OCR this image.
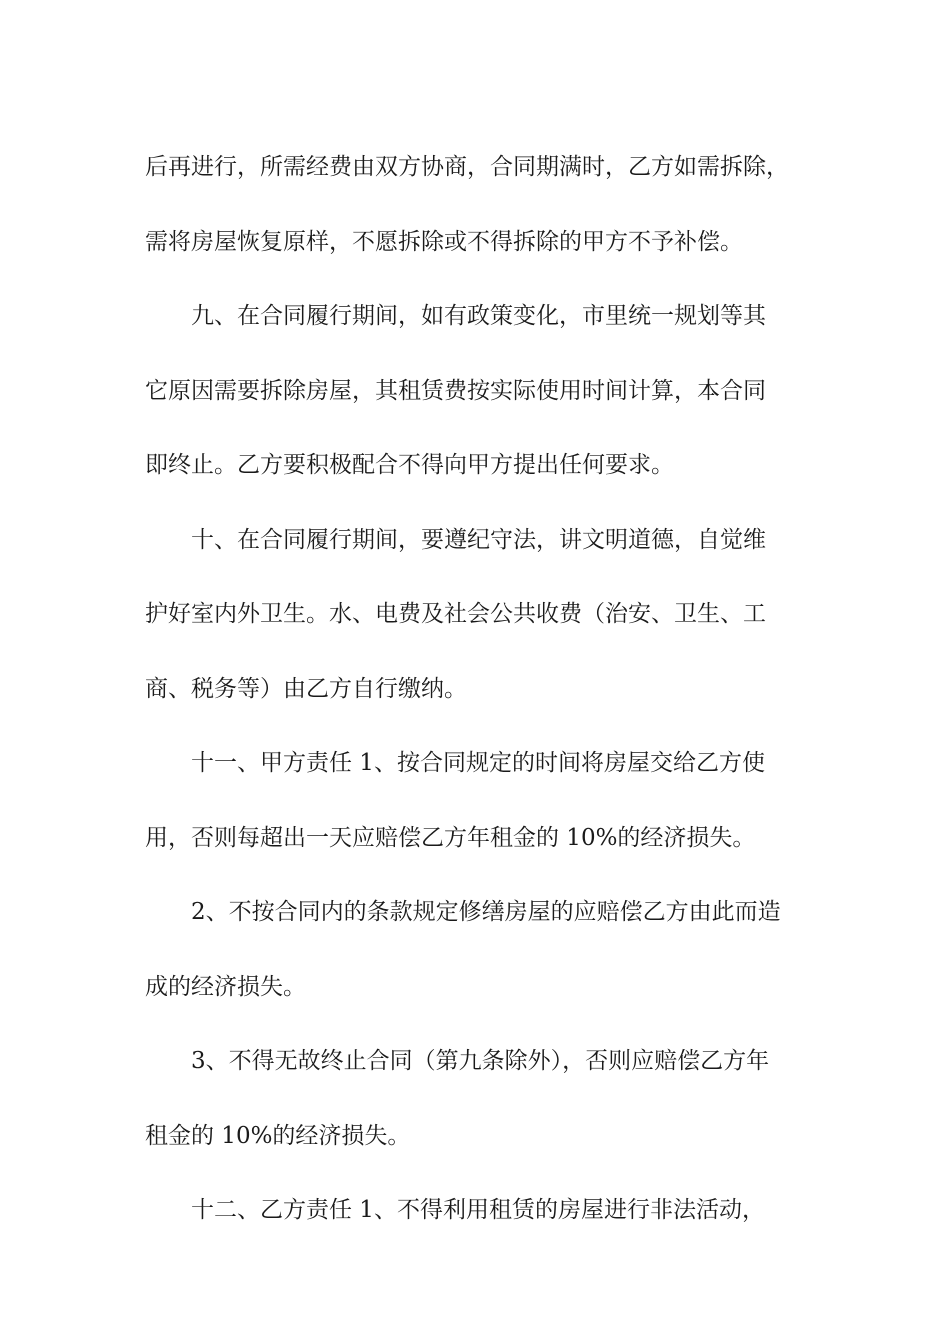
后再进行，所需经费由双方协商，合同期满时，乙方如需拆除，
需将房屋恢复原样，不愿拆除或不得拆除的甲方不予补偿。
九、在合同履行期间，如有政策变化，市里统一规划等其
它原因需要拆除房屋，其租赁费按实际使用时间计算，本合同
即终止。乙方要积极配合不得向甲方提出任何要求。
十、在合同履行期间，要遵纪守法，讲文明道德，自觉维
护好室内外卫生。水、电费及社会公共收费（治安、卫生、工
商、税务等）由乙方自行缴纳。
十一、甲方责任 1、按合同规定的时间将房屋交给乙方使
用，否则每超出一天应赔偿乙方年租金的 10%的经济损失。
2、不按合同内的条款规定修缮房屋的应赔偿乙方由此而造
成的经济损失。
3、不得无故终止合同（第九条除外），否则应赔偿乙方年
租金的 10%的经济损失。
十二、乙方责任 1、不得利用租赁的房屋进行非法活动，
